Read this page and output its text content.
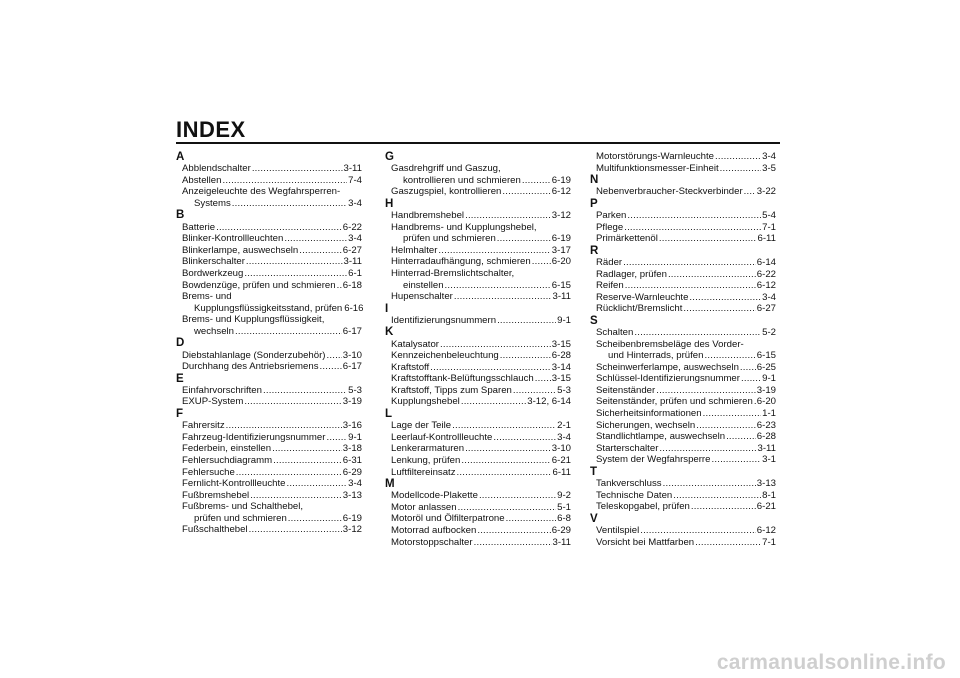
INDEX
A
Abblendschalter .....	3-11
Abstellen .....	7-4
Anzeigeleuchte des Wegfahrsperren-
Systems .....	3-4
B
Batterie .....	6-22
Blinker-Kontrollleuchten .....	3-4
Blinkerlampe, auswechseln .....	6-27
Blinkerschalter .....	3-11
Bordwerkzeug .....	6-1
Bowdenzüge, prüfen und schmieren ..... 6-18
Brems- und
Kupplungsflüssigkeitsstand, prüfen 6-16
Brems- und Kupplungsflüssigkeit,
wechseln .....	6-17
D
Diebstahlanlage (Sonderzubehör) ..... 3-10
Durchhang des Antriebsriemens .....	6-17
E
Einfahrvorschriften .....	5-3
EXUP-System .....	3-19
F
Fahrersitz .....	3-16
Fahrzeug-Identifizierungsnummer ..... 9-1
Federbein, einstellen .....	3-18
Fehlersuchdiagramm .....	6-31
Fehlersuche .....	6-29
Fernlicht-Kontrollleuchte .....	3-4
Fußbremshebel .....	3-13
Fußbrems- und Schalthebel,
prüfen und schmieren .....	6-19
Fußschalthebel .....	3-12
G
Gasdrehgriff und Gaszug,
kontrollieren und schmieren .....	6-19
Gaszugspiel, kontrollieren .....	6-12
H
Handbremshebel .....	3-12
Handbrems- und Kupplungshebel,
prüfen und schmieren .....	6-19
Helmhalter .....	3-17
Hinterradaufhängung, schmieren ..... 6-20
Hinterrad-Bremslichtschalter,
einstellen .....	6-15
Hupenschalter .....	3-11
I
Identifizierungsnummern .....	9-1
K
Katalysator .....	3-15
Kennzeichenbeleuchtung .....	6-28
Kraftstoff .....	3-14
Kraftstofftank-Belüftungsschlauch ..... 3-15
Kraftstoff, Tipps zum Sparen .....	5-3
Kupplungshebel .....	3-12, 6-14
L
Lage der Teile .....	2-1
Leerlauf-Kontrollleuchte .....	3-4
Lenkerarmaturen .....	3-10
Lenkung, prüfen .....	6-21
Luftfiltereinsatz .....	6-11
M
Modellcode-Plakette .....	9-2
Motor anlassen .....	5-1
Motoröl und Ölfilterpatrone .....	6-8
Motorrad aufbocken .....	6-29
Motorstoppschalter .....	3-11
Motorstörungs-Warnleuchte .....	3-4
Multifunktionsmesser-Einheit .....	3-5
N
Nebenverbraucher-Steckverbinder ..... 3-22
P
Parken .....	5-4
Pflege .....	7-1
Primärkettenöl .....	6-11
R
Räder .....	6-14
Radlager, prüfen .....	6-22
Reifen .....	6-12
Reserve-Warnleuchte .....	3-4
Rücklicht/Bremslicht .....	6-27
S
Schalten .....	5-2
Scheibenbremsbeläge des Vorder-
und Hinterrads, prüfen .....	6-15
Scheinwerferlampe, auswechseln ..... 6-25
Schlüssel-Identifizierungsnummer ..... 9-1
Seitenständer .....	3-19
Seitenständer, prüfen und schmieren ..... 6-20
Sicherheitsinformationen .....	1-1
Sicherungen, wechseln .....	6-23
Standlichtlampe, auswechseln .....	6-28
Starterschalter .....	3-11
System der Wegfahrsperre .....	3-1
T
Tankverschluss .....	3-13
Technische Daten .....	8-1
Teleskopgabel, prüfen .....	6-21
V
Ventilspiel .....	6-12
Vorsicht bei Mattfarben .....	7-1
carmanualsonline.info
